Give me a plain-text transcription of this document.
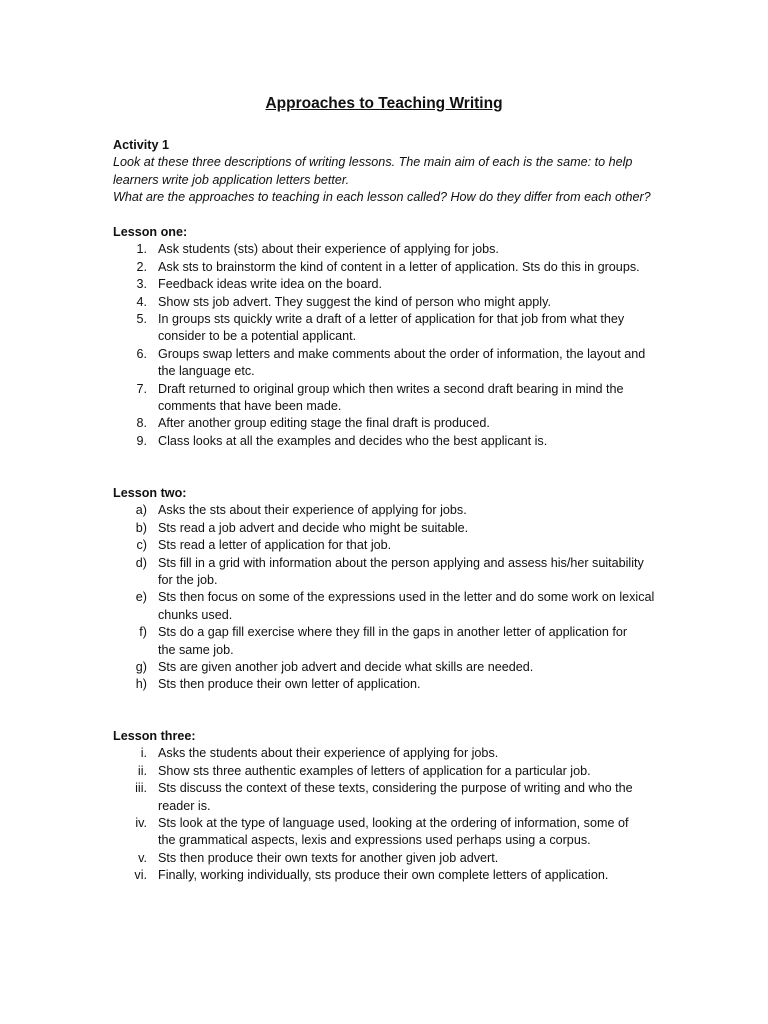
Approaches to Teaching Writing
Activity 1
Look at these three descriptions of writing lessons. The main aim of each is the same: to help
learners write job application letters better.
What are the approaches to teaching in each lesson called? How do they differ from each other?
Lesson one:
1. Ask students (sts) about their experience of applying for jobs.
2. Ask sts to brainstorm the kind of content in a letter of application. Sts do this in groups.
3. Feedback ideas write idea on the board.
4. Show sts job advert. They suggest the kind of person who might apply.
5. In groups sts quickly write a draft of a letter of application for that job from what they
consider to be a potential applicant.
6. Groups swap letters and make comments about the order of information, the layout and
the language etc.
7. Draft returned to original group which then writes a second draft bearing in mind the
comments that have been made.
8. After another group editing stage the final draft is produced.
9. Class looks at all the examples and decides who the best applicant is.
Lesson two:
a) Asks the sts about their experience of applying for jobs.
b) Sts read a job advert and decide who might be suitable.
c) Sts read a letter of application for that job.
d) Sts fill in a grid with information about the person applying and assess his/her suitability
for the job.
e) Sts then focus on some of the expressions used in the letter and do some work on lexical
chunks used.
f) Sts do a gap fill exercise where they fill in the gaps in another letter of application for
the same job.
g) Sts are given another job advert and decide what skills are needed.
h) Sts then produce their own letter of application.
Lesson three:
i. Asks the students about their experience of applying for jobs.
ii. Show sts three authentic examples of letters of application for a particular job.
iii. Sts discuss the context of these texts, considering the purpose of writing and who the
reader is.
iv. Sts look at the type of language used, looking at the ordering of information, some of
the grammatical aspects, lexis and expressions used perhaps using a corpus.
v. Sts then produce their own texts for another given job advert.
vi. Finally, working individually, sts produce their own complete letters of application.
